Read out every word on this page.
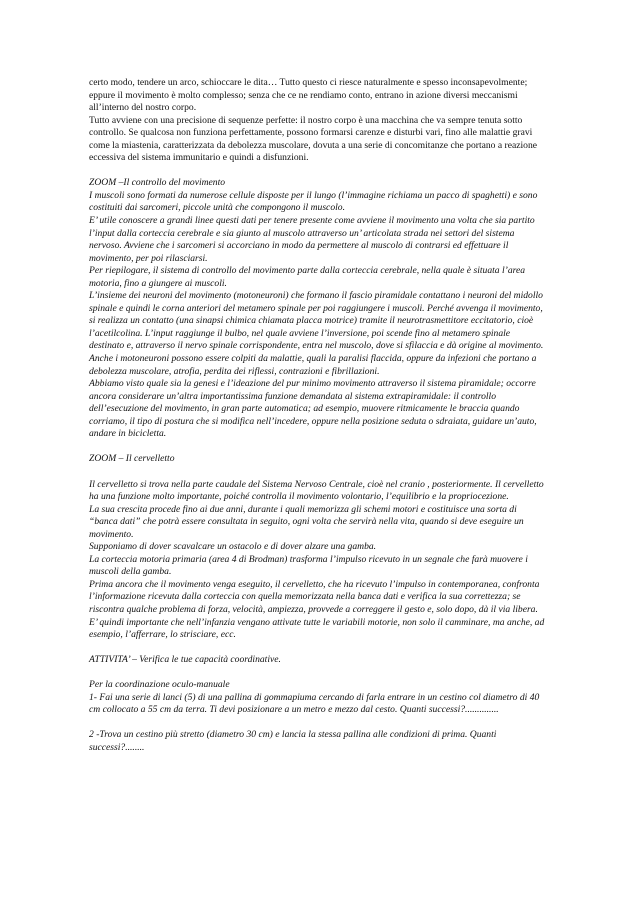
certo modo, tendere un arco, schioccare le dita… Tutto questo ci riesce naturalmente e spesso inconsapevolmente; eppure il movimento è molto complesso; senza che ce ne rendiamo conto, entrano in azione diversi meccanismi all’interno del nostro corpo.

Tutto avviene con una precisione di sequenze perfette: il nostro corpo è una macchina che va sempre tenuta sotto controllo. Se qualcosa non funziona perfettamente, possono formarsi carenze e disturbi vari, fino alle malattie gravi come la miastenia, caratterizzata da debolezza muscolare, dovuta a una serie di concomitanze che portano a reazione eccessiva del sistema immunitario e quindi a disfunzioni.

ZOOM –Il controllo del movimento

I muscoli sono formati da numerose cellule disposte per il lungo (l’immagine richiama un pacco di spaghetti) e sono costituiti dai sarcomeri, piccole unità che compongono il muscolo.

E’ utile conoscere a grandi linee questi dati per tenere presente come avviene il movimento una volta che sia partito l’input dalla corteccia cerebrale e sia giunto al muscolo attraverso un’ articolata strada nei settori del sistema nervoso. Avviene che i sarcomeri si accorciano in modo da permettere al muscolo di contrarsi ed effettuare il movimento, per poi rilasciarsi.

Per riepilogare, il sistema di controllo del movimento parte dalla corteccia cerebrale, nella quale è situata l’area motoria, fino a giungere ai muscoli.

L’insieme dei neuroni del movimento (motoneuroni) che formano il fascio piramidale contattano i neuroni del midollo spinale e quindi le corna anteriori del metamero spinale per poi raggiungere i muscoli. Perché avvenga il movimento, si realizza un contatto (una sinapsi chimica chiamata placca motrice) tramite il neurotrasmettitore eccitatorio, cioè l’acetilcolina. L’input raggiunge il bulbo, nel quale avviene l’inversione, poi scende fino al metamero spinale destinato e, attraverso il nervo spinale corrispondente, entra nel muscolo, dove si sfilaccia e dà origine al movimento.

Anche i motoneuroni possono essere colpiti da malattie, quali la paralisi flaccida, oppure da infezioni che portano a debolezza muscolare, atrofia, perdita dei riflessi, contrazioni e fibrillazioni.

Abbiamo visto quale sia la genesi e l’ideazione del pur minimo movimento attraverso il sistema piramidale; occorre ancora considerare un’altra importantissima funzione demandata al sistema extrapiramidale: il controllo dell’esecuzione del movimento, in gran parte automatica; ad esempio, muovere ritmicamente le braccia quando corriamo, il tipo di postura che si modifica nell’incedere, oppure nella posizione seduta o sdraiata, guidare un’auto, andare in bicicletta.

ZOOM – Il cervelletto

Il cervelletto si trova nella parte caudale del Sistema Nervoso Centrale, cioè nel cranio , posteriormente. Il cervelletto ha una funzione molto importante, poiché controlla il movimento volontario, l’equilibrio e la propriocezione.

La sua crescita procede fino ai due anni, durante i quali memorizza gli schemi motori e costituisce una sorta di “banca dati” che potrà essere consultata in seguito, ogni volta che servirà nella vita, quando si deve eseguire un movimento.

Supponiamo di dover scavalcare un ostacolo e di dover alzare una gamba.

La corteccia motoria primaria (area 4 di Brodman) trasforma l’impulso ricevuto in un segnale che farà muovere i muscoli della gamba.

Prima ancora che il movimento venga eseguito, il cervelletto, che ha ricevuto l’impulso in contemporanea, confronta l’informazione ricevuta dalla corteccia con quella memorizzata nella banca dati e verifica la sua correttezza; se riscontra qualche problema di forza, velocità, ampiezza, provvede a correggere il gesto e, solo dopo, dà il via libera.

E’ quindi importante che nell’infanzia vengano attivate tutte le variabili motorie, non solo il camminare, ma anche, ad esempio, l’afferrare, lo strisciare, ecc.

ATTIVITA’ – Verifica le tue capacità coordinative.

Per la coordinazione oculo-manuale

1- Fai una serie di lanci (5) di una pallina di gommapiuma cercando di farla entrare in un cestino col diametro di 40 cm collocato a 55 cm da terra. Ti devi posizionare a un metro e mezzo dal cesto. Quanti successi?..............

2 -Trova un cestino più stretto (diametro 30 cm) e lancia la stessa pallina alle condizioni di prima. Quanti successi?........
